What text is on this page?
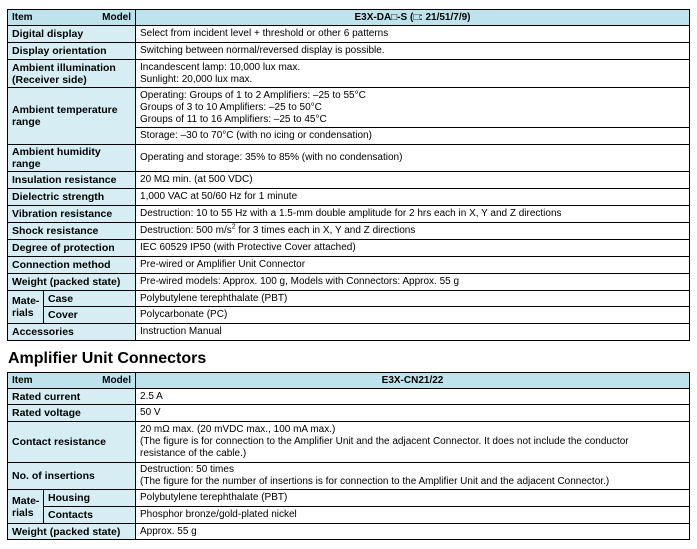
Item Model		E3X-DA□-S (□: 21/51/7/9)
Digital display		Select from incident level + threshold or other 6 patterns
Display orientation		Switching between normal/reversed display is possible.

Ambient illumination
(Receiver side)		Incandescent lamp: 10,000 lux max.
Sunlight: 20,000 lux max.

Ambient temperature
range		Operating: Groups of 1 to 2 Amplifiers: –25 to 55°C
Groups of 3 to 10 Amplifiers: –25 to 50°C
Groups of 11 to 16 Amplifiers: –25 to 45°C

		Storage: –30 to 70°C (with no icing or condensation)

Ambient humidity
range		Operating and storage: 35% to 85% (with no condensation)
Insulation resistance		20 MΩ min. (at 500 VDC)
Dielectric strength		1,000 VAC at 50/60 Hz for 1 minute
Vibration resistance		Destruction: 10 to 55 Hz with a 1.5-mm double amplitude for 2 hrs each in X, Y and Z directions
Shock resistance		Destruction: 500 $m/s^2$ for 3 times each in X, Y and Z directions
Degree of protection		IEC 60529 IP50 (with Protective Cover attached)
Connection method		Pre-wired or Amplifier Unit Connector
Weight (packed state)		Pre-wired models: Approx. 100 g, Models with Connectors: Approx. 55 g

Mate-
rials	Case	Polybutylene terephthalate (PBT)
	Cover	Polycarbonate (PC)
Accessories		Instruction Manual
Amplifier Unit Connectors
Item Model		E3X-CN21/22
Rated current		2.5 A
Rated voltage		50 V
Contact resistance		20 mΩ max. (20 mVDC max., 100 mA max.)
(The figure is for connection to the Amplifier Unit and the adjacent Connector. It does not include the conductor
resistance of the cable.)

No. of insertions		Destruction: 50 times
(The figure for the number of insertions is for connection to the Amplifier Unit and the adjacent Connector.)

Mate-
rials	Housing	Polybutylene terephthalate (PBT)
	Contacts	Phosphor bronze/gold-plated nickel
Weight (packed state)		Approx. 55 g
